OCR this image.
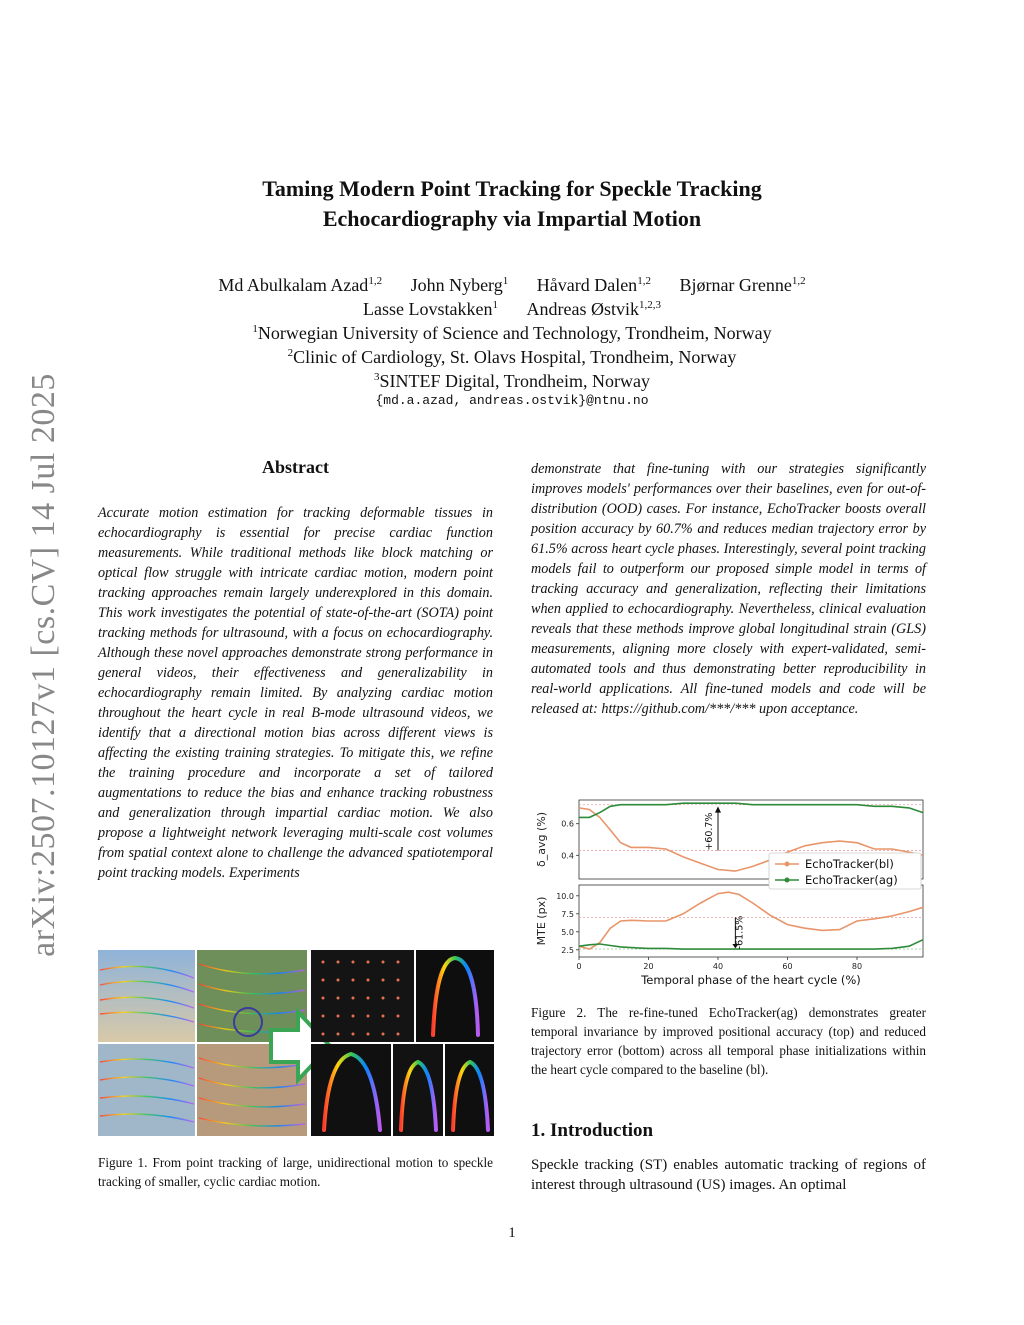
arXiv:2507.10127v1 [cs.CV] 14 Jul 2025
Taming Modern Point Tracking for Speckle Tracking
Echocardiography via Impartial Motion
Md Abulkalam Azad$^{1,2}$ John Nyberg$^1$ Håvard Dalen$^{1,2}$ Bjørnar Grenne$^{1,2}$
Lasse Lovstakken$^1$ Andreas Østvik$^{1,2,3}$
$^1$Norwegian University of Science and Technology, Trondheim, Norway
$^2$Clinic of Cardiology, St. Olavs Hospital, Trondheim, Norway
$^3$SINTEF Digital, Trondheim, Norway
{md.a.azad, andreas.ostvik}@ntnu.no
Abstract
Accurate motion estimation for tracking deformable tissues in echocardiography is essential for precise cardiac function measurements. While traditional methods like block matching or optical flow struggle with intricate cardiac motion, modern point tracking approaches remain largely underexplored in this domain. This work investigates the potential of state-of-the-art (SOTA) point tracking methods for ultrasound, with a focus on echocardiography. Although these novel approaches demonstrate strong performance in general videos, their effectiveness and generalizability in echocardiography remain limited. By analyzing cardiac motion throughout the heart cycle in real B-mode ultrasound videos, we identify that a directional motion bias across different views is affecting the existing training strategies. To mitigate this, we refine the training procedure and incorporate a set of tailored augmentations to reduce the bias and enhance tracking robustness and generalization through impartial cardiac motion. We also propose a lightweight network leveraging multi-scale cost volumes from spatial context alone to challenge the advanced spatiotemporal point tracking models. Experiments
demonstrate that fine-tuning with our strategies significantly improves models' performances over their baselines, even for out-of-distribution (OOD) cases. For instance, EchoTracker boosts overall position accuracy by 60.7% and reduces median trajectory error by 61.5% across heart cycle phases. Interestingly, several point tracking models fail to outperform our proposed simple model in terms of tracking accuracy and generalization, reflecting their limitations when applied to echocardiography. Nevertheless, clinical evaluation reveals that these methods improve global longitudinal strain (GLS) measurements, aligning more closely with expert-validated, semi-automated tools and thus demonstrating better reproducibility in real-world applications. All fine-tuned models and code will be released at: https://github.com/***/*** upon acceptance.
Figure 1. From point tracking of large, unidirectional motion to speckle tracking of smaller, cyclic cardiac motion.
0.4
0.6
δ_avg (%)
2.5
5.0
7.5
10.0
MTE (px)
0	20	40	60	80
Temporal phase of the heart cycle (%)
+60.7%
-61.5%
EchoTracker(bl)
EchoTracker(ag)
Figure 2. The re-fine-tuned EchoTracker(ag) demonstrates greater temporal invariance by improved positional accuracy (top) and reduced trajectory error (bottom) across all temporal phase initializations within the heart cycle compared to the baseline (bl).
1. Introduction
Speckle tracking (ST) enables automatic tracking of regions of interest through ultrasound (US) images. An optimal
1
